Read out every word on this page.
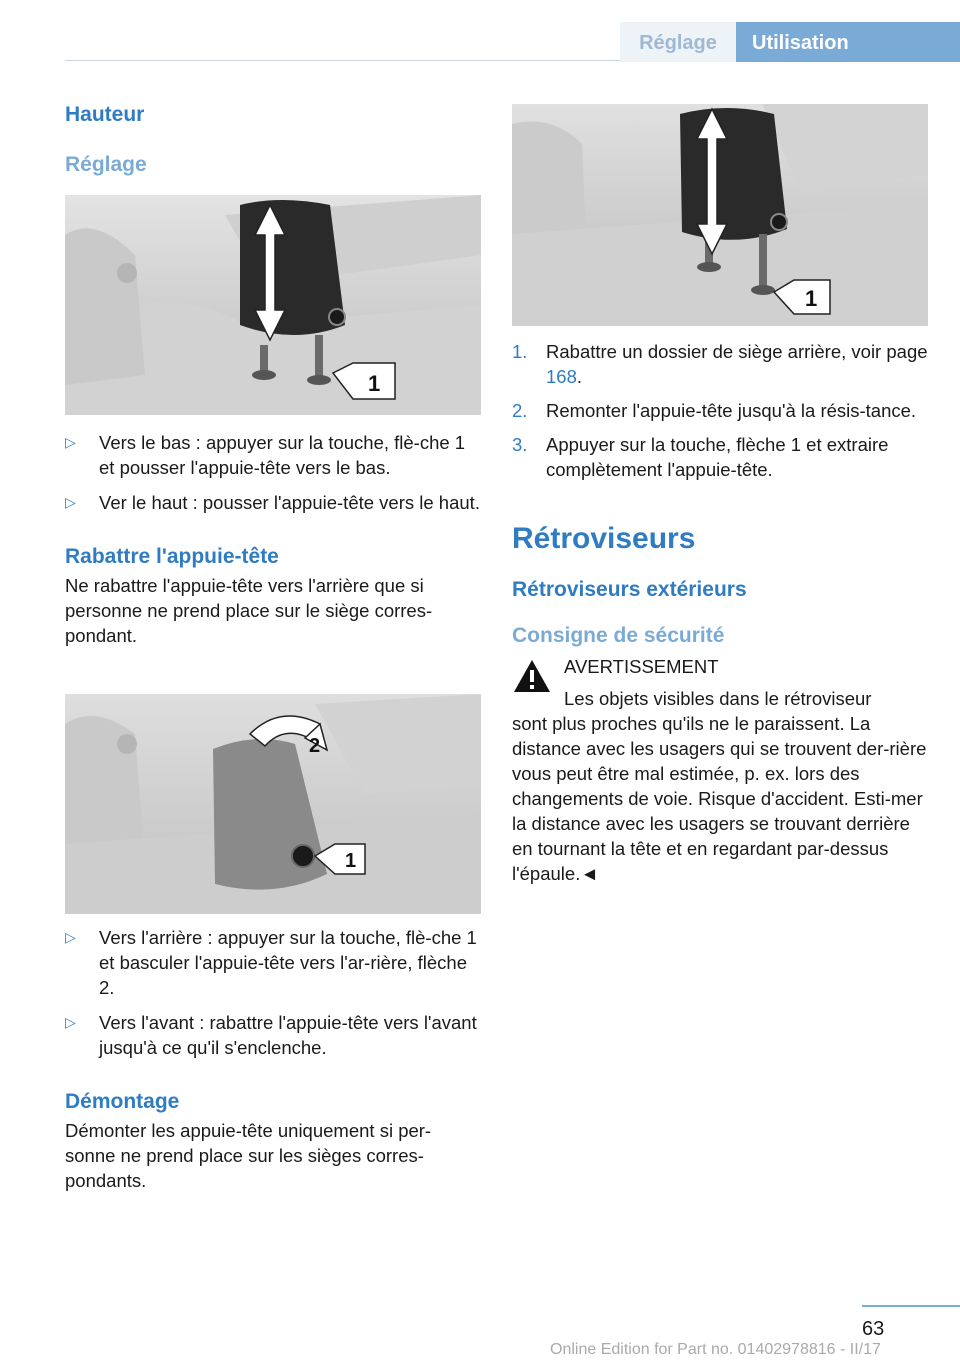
Réglage	Utilisation
Hauteur
Réglage
1
▷ Vers le bas : appuyer sur la touche, flè-che 1 et pousser l'appuie-tête vers le bas.
▷ Ver le haut : pousser l'appuie-tête vers le haut.
Rabattre l'appuie-tête

Ne rabattre l'appuie-tête vers l'arrière que si personne ne prend place sur le siège corres-pondant.

2
1
▷ Vers l'arrière : appuyer sur la touche, flè-che 1 et basculer l'appuie-tête vers l'ar-rière, flèche 2.
▷ Vers l'avant : rabattre l'appuie-tête vers l'avant jusqu'à ce qu'il s'enclenche.
Démontage

Démonter les appuie-tête uniquement si per-sonne ne prend place sur les sièges corres-pondants.

1
1. Rabattre un dossier de siège arrière, voir page 168.
2. Remonter l'appuie-tête jusqu'à la résis-tance.
3. Appuyer sur la touche, flèche 1 et extraire complètement l'appuie-tête.
Rétroviseurs
Rétroviseurs extérieurs
Consigne de sécurité
AVERTISSEMENT
Les objets visibles dans le rétroviseur

sont plus proches qu'ils ne le paraissent. La distance avec les usagers qui se trouvent der-rière vous peut être mal estimée, p. ex. lors des changements de voie. Risque d'accident. Esti-mer la distance avec les usagers se trouvant derrière en tournant la tête et en regardant par-dessus l'épaule.◄

63
Online Edition for Part no. 01402978816 - II/17
